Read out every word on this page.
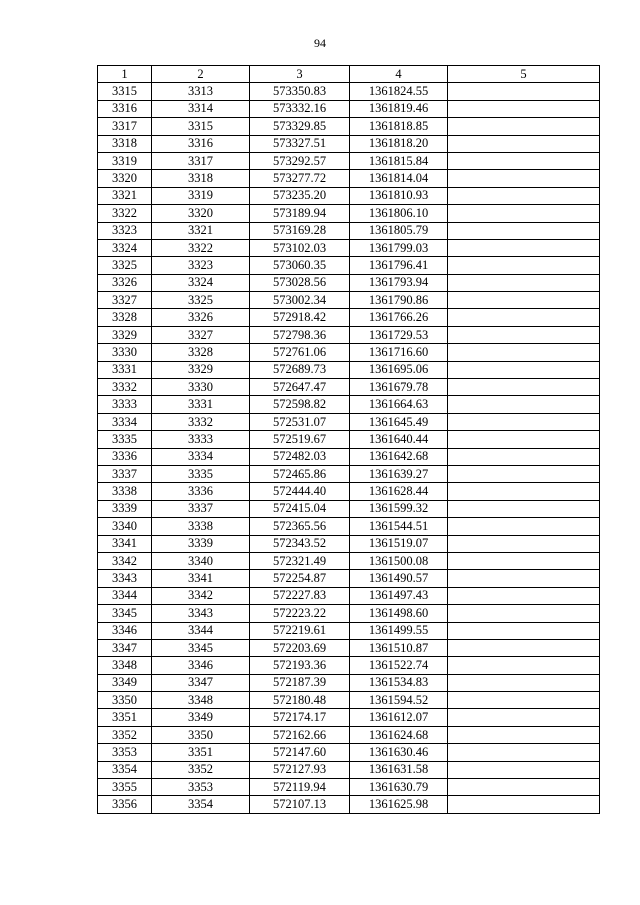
94
1	2	3	4	5
3315	3313	573350.83	1361824.55	
3316	3314	573332.16	1361819.46	
3317	3315	573329.85	1361818.85	
3318	3316	573327.51	1361818.20	
3319	3317	573292.57	1361815.84	
3320	3318	573277.72	1361814.04	
3321	3319	573235.20	1361810.93	
3322	3320	573189.94	1361806.10	
3323	3321	573169.28	1361805.79	
3324	3322	573102.03	1361799.03	
3325	3323	573060.35	1361796.41	
3326	3324	573028.56	1361793.94	
3327	3325	573002.34	1361790.86	
3328	3326	572918.42	1361766.26	
3329	3327	572798.36	1361729.53	
3330	3328	572761.06	1361716.60	
3331	3329	572689.73	1361695.06	
3332	3330	572647.47	1361679.78	
3333	3331	572598.82	1361664.63	
3334	3332	572531.07	1361645.49	
3335	3333	572519.67	1361640.44	
3336	3334	572482.03	1361642.68	
3337	3335	572465.86	1361639.27	
3338	3336	572444.40	1361628.44	
3339	3337	572415.04	1361599.32	
3340	3338	572365.56	1361544.51	
3341	3339	572343.52	1361519.07	
3342	3340	572321.49	1361500.08	
3343	3341	572254.87	1361490.57	
3344	3342	572227.83	1361497.43	
3345	3343	572223.22	1361498.60	
3346	3344	572219.61	1361499.55	
3347	3345	572203.69	1361510.87	
3348	3346	572193.36	1361522.74	
3349	3347	572187.39	1361534.83	
3350	3348	572180.48	1361594.52	
3351	3349	572174.17	1361612.07	
3352	3350	572162.66	1361624.68	
3353	3351	572147.60	1361630.46	
3354	3352	572127.93	1361631.58	
3355	3353	572119.94	1361630.79	
3356	3354	572107.13	1361625.98	
